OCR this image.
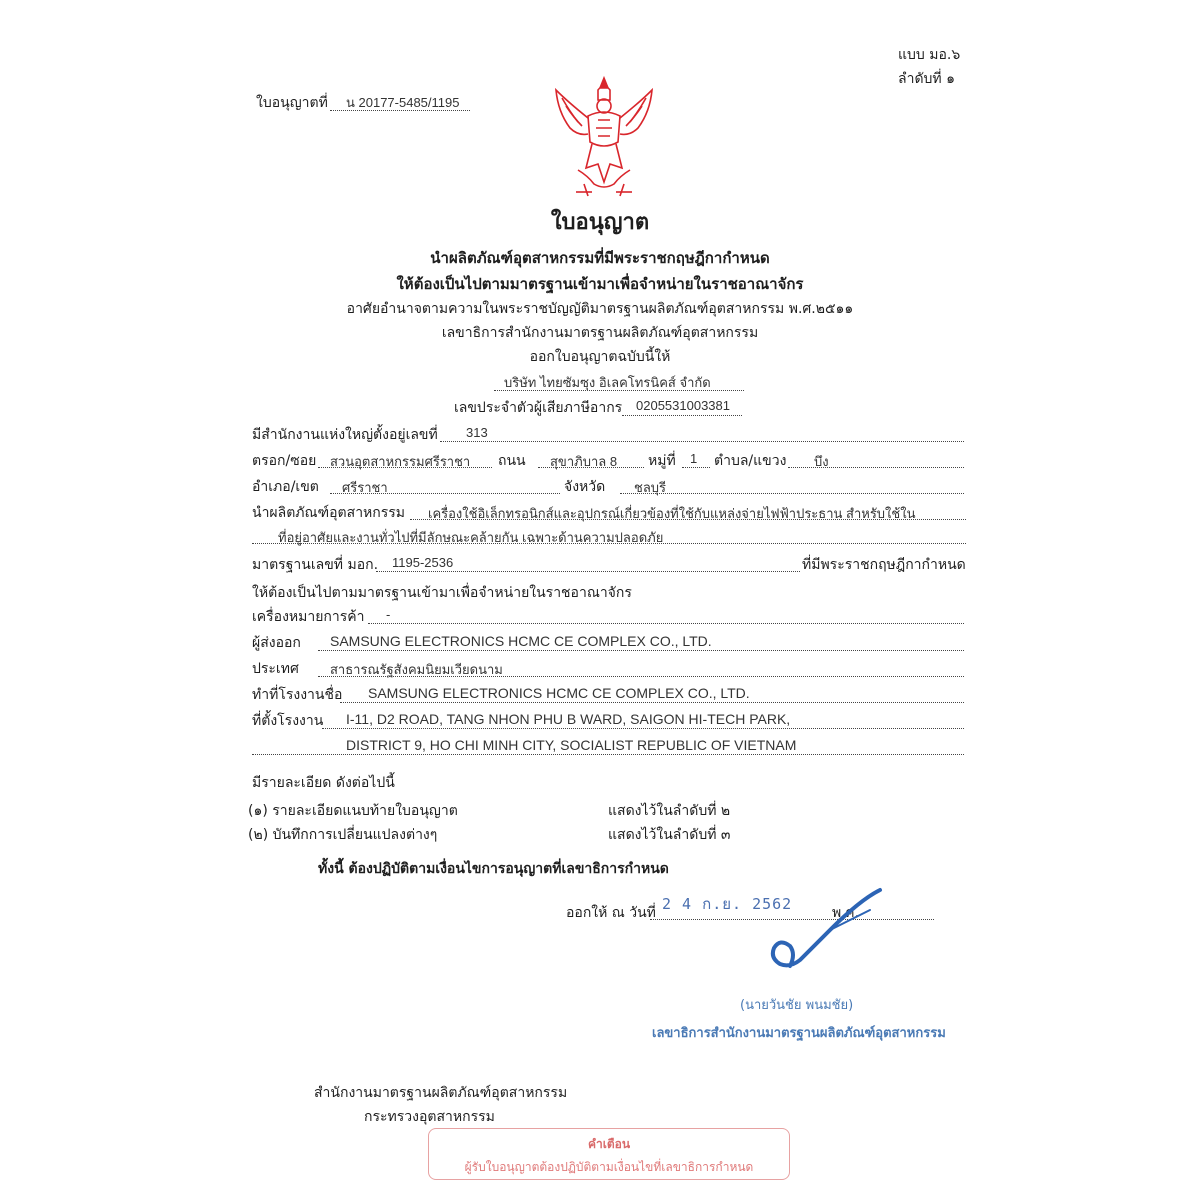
แบบ มอ.๖
ลำดับที่ ๑
ใบอนุญาตที่ น 20177-5485/1195
ใบอนุญาต
นำผลิตภัณฑ์อุตสาหกรรมที่มีพระราชกฤษฎีกากำหนด
ให้ต้องเป็นไปตามมาตรฐานเข้ามาเพื่อจำหน่ายในราชอาณาจักร
อาศัยอำนาจตามความในพระราชบัญญัติมาตรฐานผลิตภัณฑ์อุตสาหกรรม พ.ศ.๒๕๑๑
เลขาธิการสำนักงานมาตรฐานผลิตภัณฑ์อุตสาหกรรม
ออกใบอนุญาตฉบับนี้ให้
บริษัท ไทยซัมซุง อิเลคโทรนิคส์ จำกัด
เลขประจำตัวผู้เสียภาษีอากร 0205531003381
มีสำนักงานแห่งใหญ่ตั้งอยู่เลขที่ 313
ตรอก/ซอย สวนอุตสาหกรรมศรีราชา ถนน สุขาภิบาล 8 หมู่ที่ 1 ตำบล/แขวง บึง
อำเภอ/เขต ศรีราชา	จังหวัด ชลบุรี
นำผลิตภัณฑ์อุตสาหกรรม เครื่องใช้อิเล็กทรอนิกส์และอุปกรณ์เกี่ยวข้องที่ใช้กับแหล่งจ่ายไฟฟ้าประธาน สำหรับใช้ใน
ที่อยู่อาศัยและงานทั่วไปที่มีลักษณะคล้ายกัน เฉพาะด้านความปลอดภัย
มาตรฐานเลขที่ มอก. 1195-2536	ที่มีพระราชกฤษฎีกากำหนด
ให้ต้องเป็นไปตามมาตรฐานเข้ามาเพื่อจำหน่ายในราชอาณาจักร
เครื่องหมายการค้า -
ผู้ส่งออก SAMSUNG ELECTRONICS HCMC CE COMPLEX CO., LTD.
ประเทศ สาธารณรัฐสังคมนิยมเวียดนาม
ทำที่โรงงานชื่อ SAMSUNG ELECTRONICS HCMC CE COMPLEX CO., LTD.
ที่ตั้งโรงงาน I-11, D2 ROAD, TANG NHON PHU B WARD, SAIGON HI-TECH PARK,
DISTRICT 9, HO CHI MINH CITY, SOCIALIST REPUBLIC OF VIETNAM
มีรายละเอียด ดังต่อไปนี้
(๑) รายละเอียดแนบท้ายใบอนุญาต	แสดงไว้ในลำดับที่ ๒
(๒) บันทึกการเปลี่ยนแปลงต่างๆ	แสดงไว้ในลำดับที่ ๓
ทั้งนี้ ต้องปฏิบัติตามเงื่อนไขการอนุญาตที่เลขาธิการกำหนด
ออกให้ ณ วันที่ 2 4 ก.ย. 2562	พ.ศ.
(นายวันชัย พนมชัย)
เลขาธิการสำนักงานมาตรฐานผลิตภัณฑ์อุตสาหกรรม
สำนักงานมาตรฐานผลิตภัณฑ์อุตสาหกรรม
กระทรวงอุตสาหกรรม
คำเตือน
ผู้รับใบอนุญาตต้องปฏิบัติตามเงื่อนไขที่เลขาธิการกำหนด
